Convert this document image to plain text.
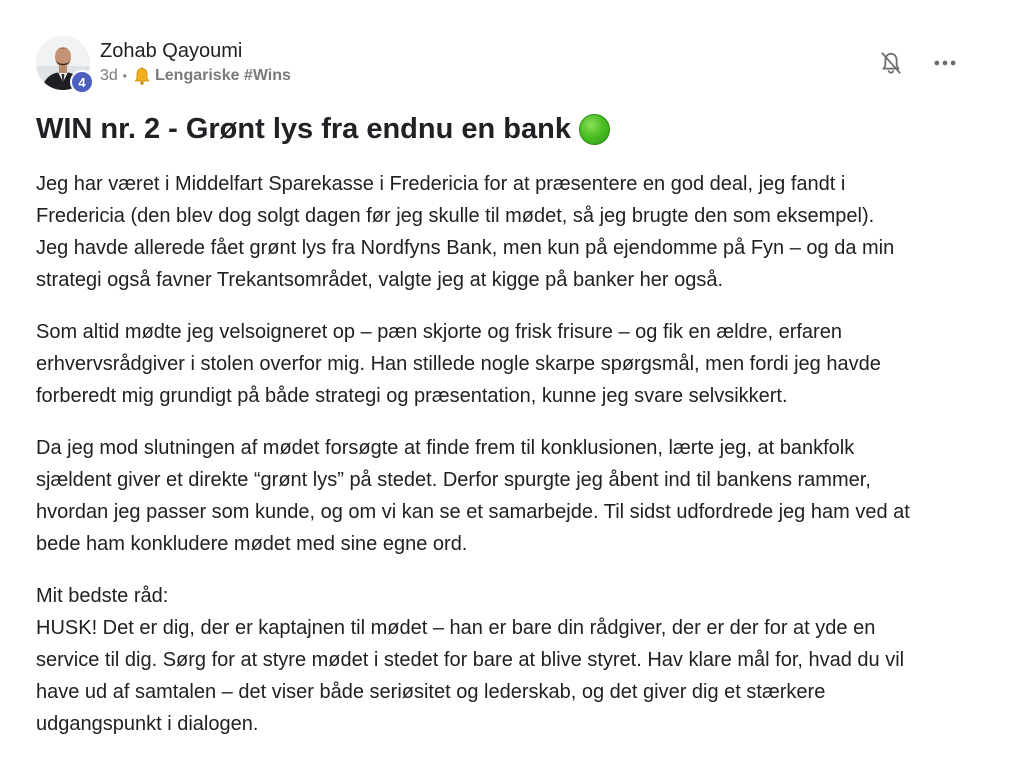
4
Zohab Qayoumi
3d • Lengariske #Wins
WIN nr. 2 - Grønt lys fra endnu en bank

Jeg har været i Middelfart Sparekasse i Fredericia for at præsentere en god deal, jeg fandt i
Fredericia (den blev dog solgt dagen før jeg skulle til mødet, så jeg brugte den som eksempel).
Jeg havde allerede fået grønt lys fra Nordfyns Bank, men kun på ejendomme på Fyn – og da min
strategi også favner Trekantsområdet, valgte jeg at kigge på banker her også.

Som altid mødte jeg velsoigneret op – pæn skjorte og frisk frisure – og fik en ældre, erfaren
erhvervsrådgiver i stolen overfor mig. Han stillede nogle skarpe spørgsmål, men fordi jeg havde
forberedt mig grundigt på både strategi og præsentation, kunne jeg svare selvsikkert.

Da jeg mod slutningen af mødet forsøgte at finde frem til konklusionen, lærte jeg, at bankfolk
sjældent giver et direkte “grønt lys” på stedet. Derfor spurgte jeg åbent ind til bankens rammer,
hvordan jeg passer som kunde, og om vi kan se et samarbejde. Til sidst udfordrede jeg ham ved at
bede ham konkludere mødet med sine egne ord.

Mit bedste råd:
HUSK! Det er dig, der er kaptajnen til mødet – han er bare din rådgiver, der er der for at yde en
service til dig. Sørg for at styre mødet i stedet for bare at blive styret. Hav klare mål for, hvad du vil
have ud af samtalen – det viser både seriøsitet og lederskab, og det giver dig et stærkere
udgangspunkt i dialogen.
